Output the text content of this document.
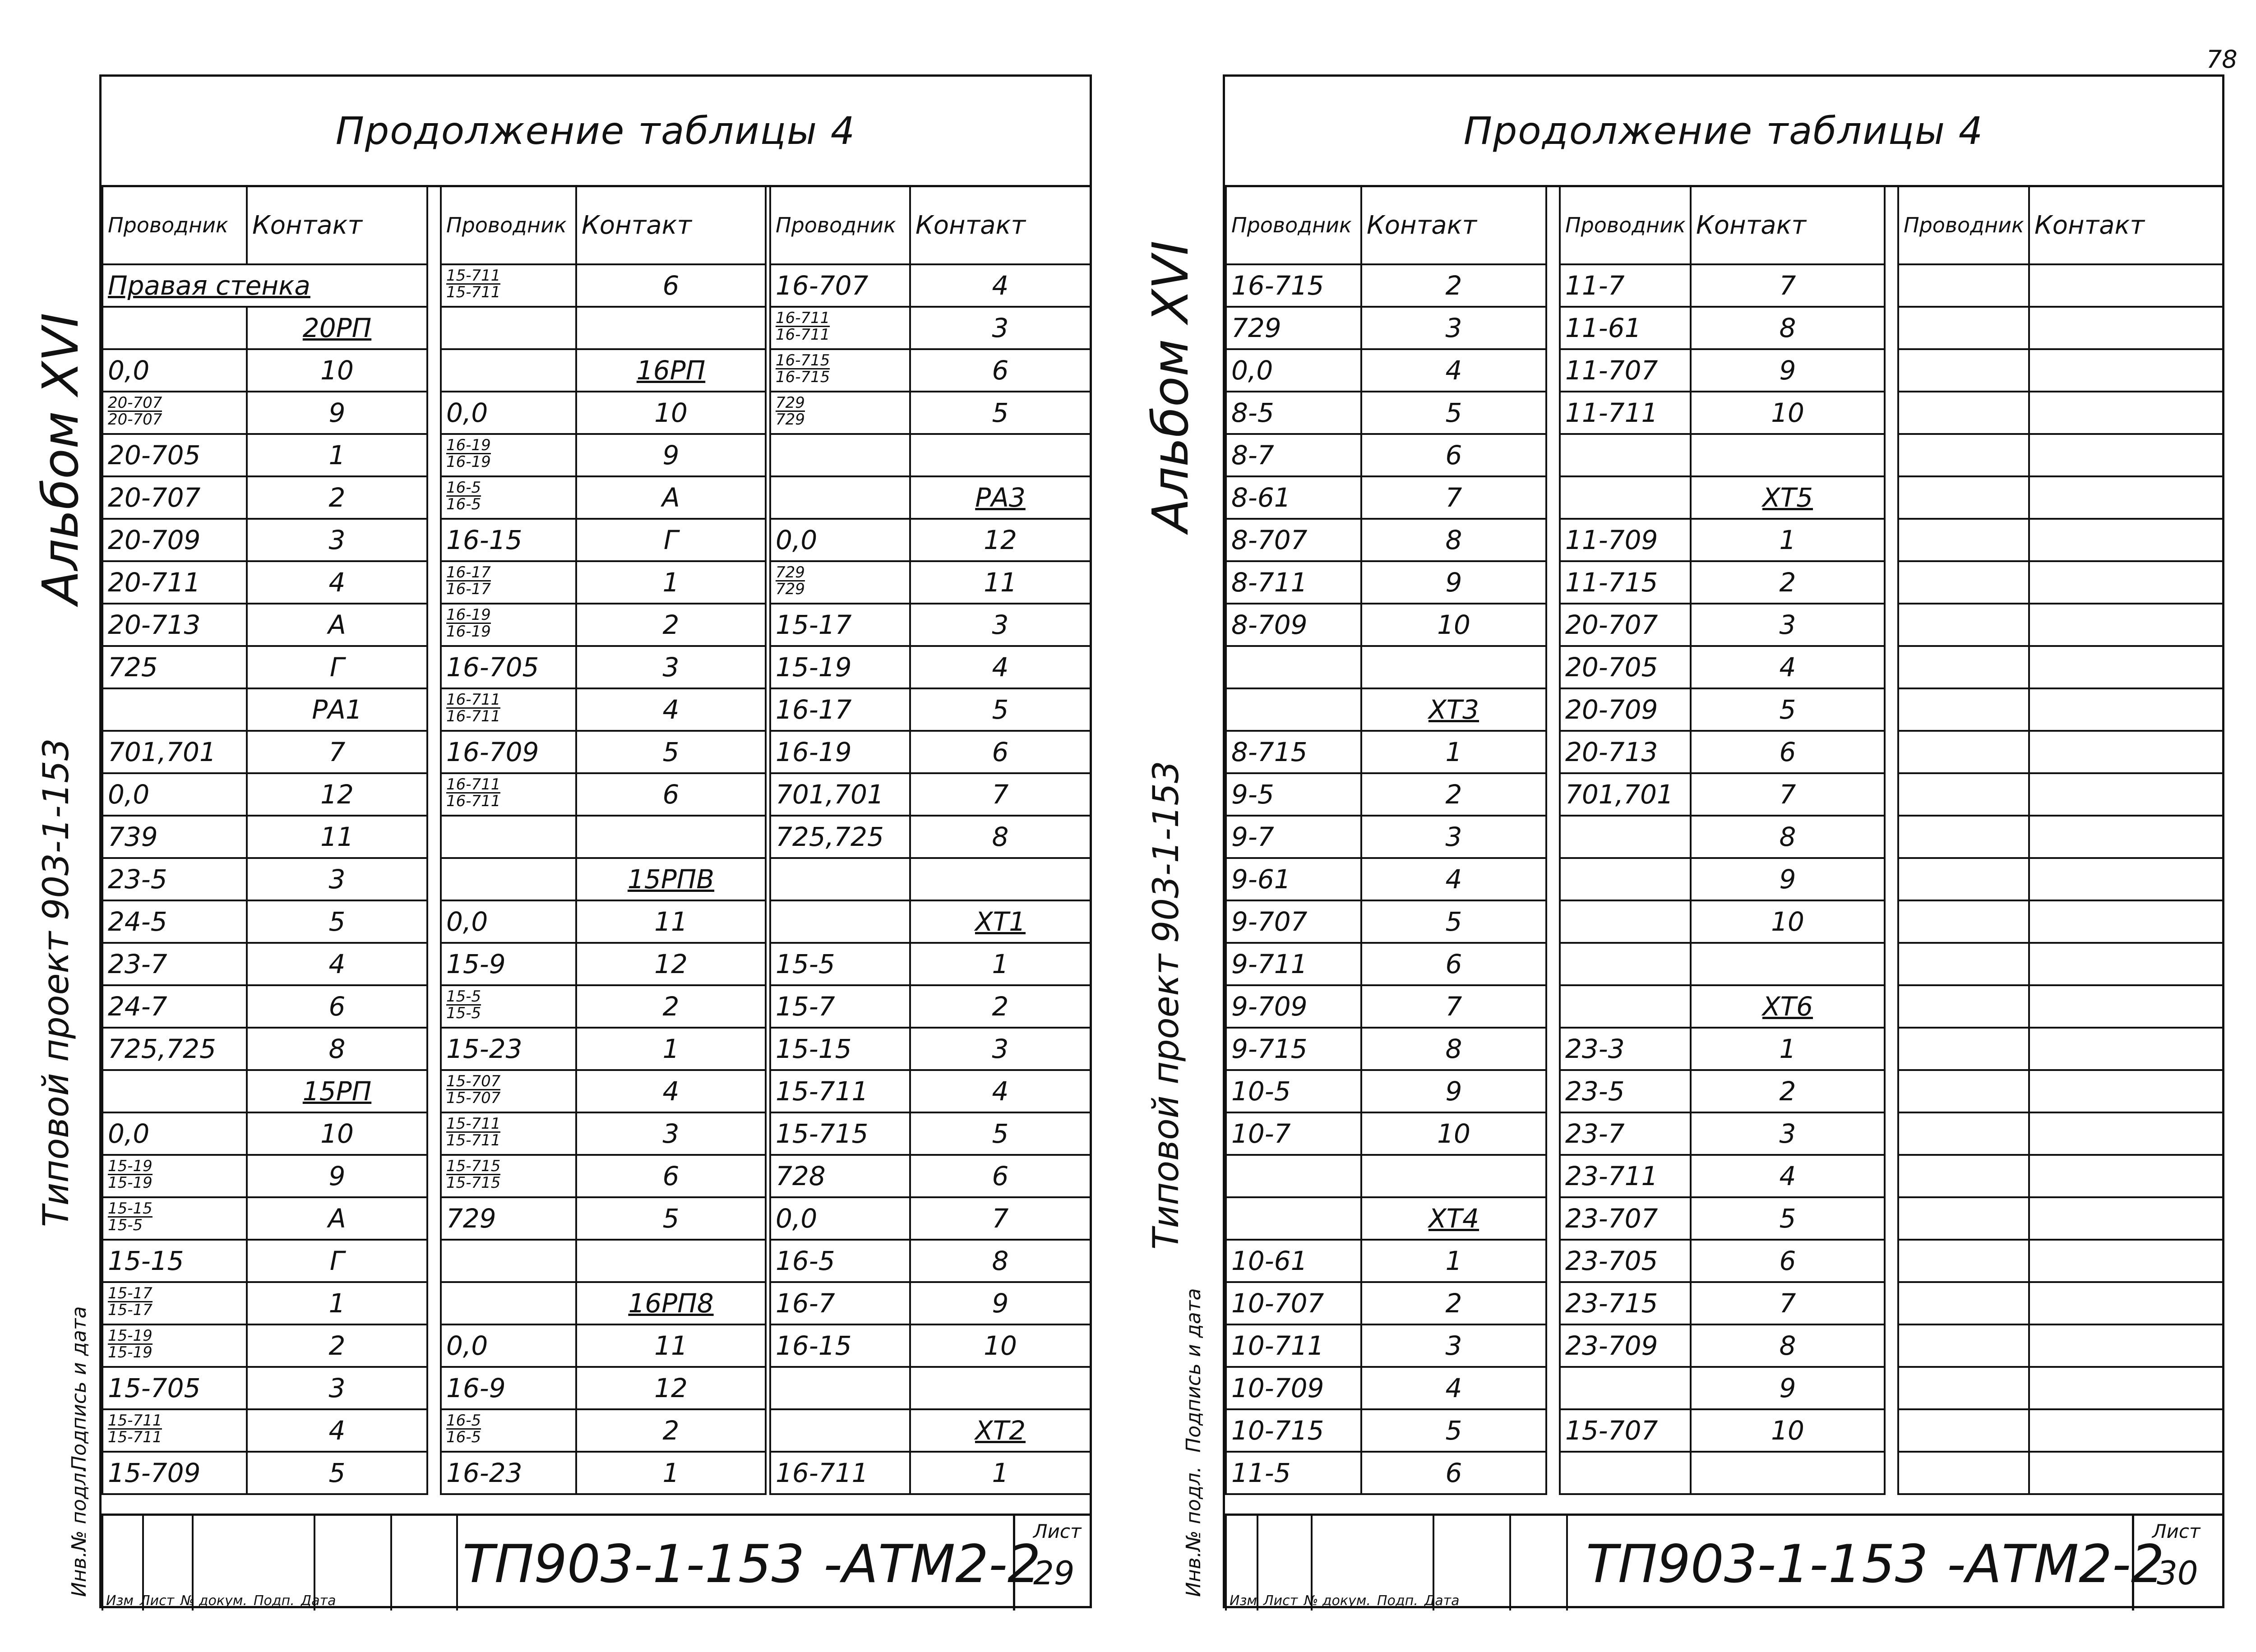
Альбом XVI
Типовой проект 903-1-153
Подпись и дата
Инв.№ подл.
Продолжение таблицы 4
Проводник	Контакт
Правая стенка	
	20РП
0,0	10

$\frac{20-707}{20-707}$	9
20-705	1
20-707	2
20-709	3
20-711	4
20-713	А
725	Г
	РА1
701,701	7
0,0	12
739	11
23-5	3
24-5	5
23-7	4
24-7	6
725,725	8
	15РП
0,0	10

$\frac{15-19}{15-19}$	9

$\frac{15-15}{15-5}$	А
15-15	Г

$\frac{15-17}{15-17}$	1

$\frac{15-19}{15-19}$	2
15-705	3

$\frac{15-711}{15-711}$	4
15-709	5
Проводник	Контакт

$\frac{15-711}{15-711}$	6

	16РП
0,0	10

$\frac{16-19}{16-19}$	9

$\frac{16-5}{16-5}$	А
16-15	Г

$\frac{16-17}{16-17}$	1

$\frac{16-19}{16-19}$	2
16-705	3

$\frac{16-711}{16-711}$	4
16-709	5

$\frac{16-711}{16-711}$	6

	15РПВ
0,0	11
15-9	12

$\frac{15-5}{15-5}$	2
15-23	1

$\frac{15-707}{15-707}$	4

$\frac{15-711}{15-711}$	3

$\frac{15-715}{15-715}$	6
729	5

	16РП8
0,0	11
16-9	12

$\frac{16-5}{16-5}$	2
16-23	1
Проводник	Контакт
16-707	4

$\frac{16-711}{16-711}$	3

$\frac{16-715}{16-715}$	6

$\frac{729}{729}$	5

	РА3
0,0	12

$\frac{729}{729}$	11
15-17	3
15-19	4
16-17	5
16-19	6
701,701	7
725,725	8

	ХТ1
15-5	1
15-7	2
15-15	3
15-711	4
15-715	5
728	6
0,0	7
16-5	8
16-7	9
16-15	10

	ХТ2
16-711	1
Изм Лист № докум. Подп. Дата
ТП903-1-153 -АТМ2-2
Лист
29
78
Альбом XVI
Типовой проект 903-1-153
Подпись и дата
Инв.№ подл.
Продолжение таблицы 4
Проводник	Контакт
16-715	2
729	3
0,0	4
8-5	5
8-7	6
8-61	7
8-707	8
8-711	9
8-709	10

	ХТ3
8-715	1
9-5	2
9-7	3
9-61	4
9-707	5
9-711	6
9-709	7
9-715	8
10-5	9
10-7	10

	ХТ4
10-61	1
10-707	2
10-711	3
10-709	4
10-715	5
11-5	6
Проводник	Контакт
11-7	7
11-61	8
11-707	9
11-711	10

	ХТ5
11-709	1
11-715	2
20-707	3
20-705	4
20-709	5
20-713	6
701,701	7
	8
	9
	10

	ХТ6
23-3	1
23-5	2
23-7	3
23-711	4
23-707	5
23-705	6
23-715	7
23-709	8
	9
15-707	10

Проводник	Контакт

Изм Лист № докум. Подп. Дата
ТП903-1-153 -АТМ2-2
Лист
30
